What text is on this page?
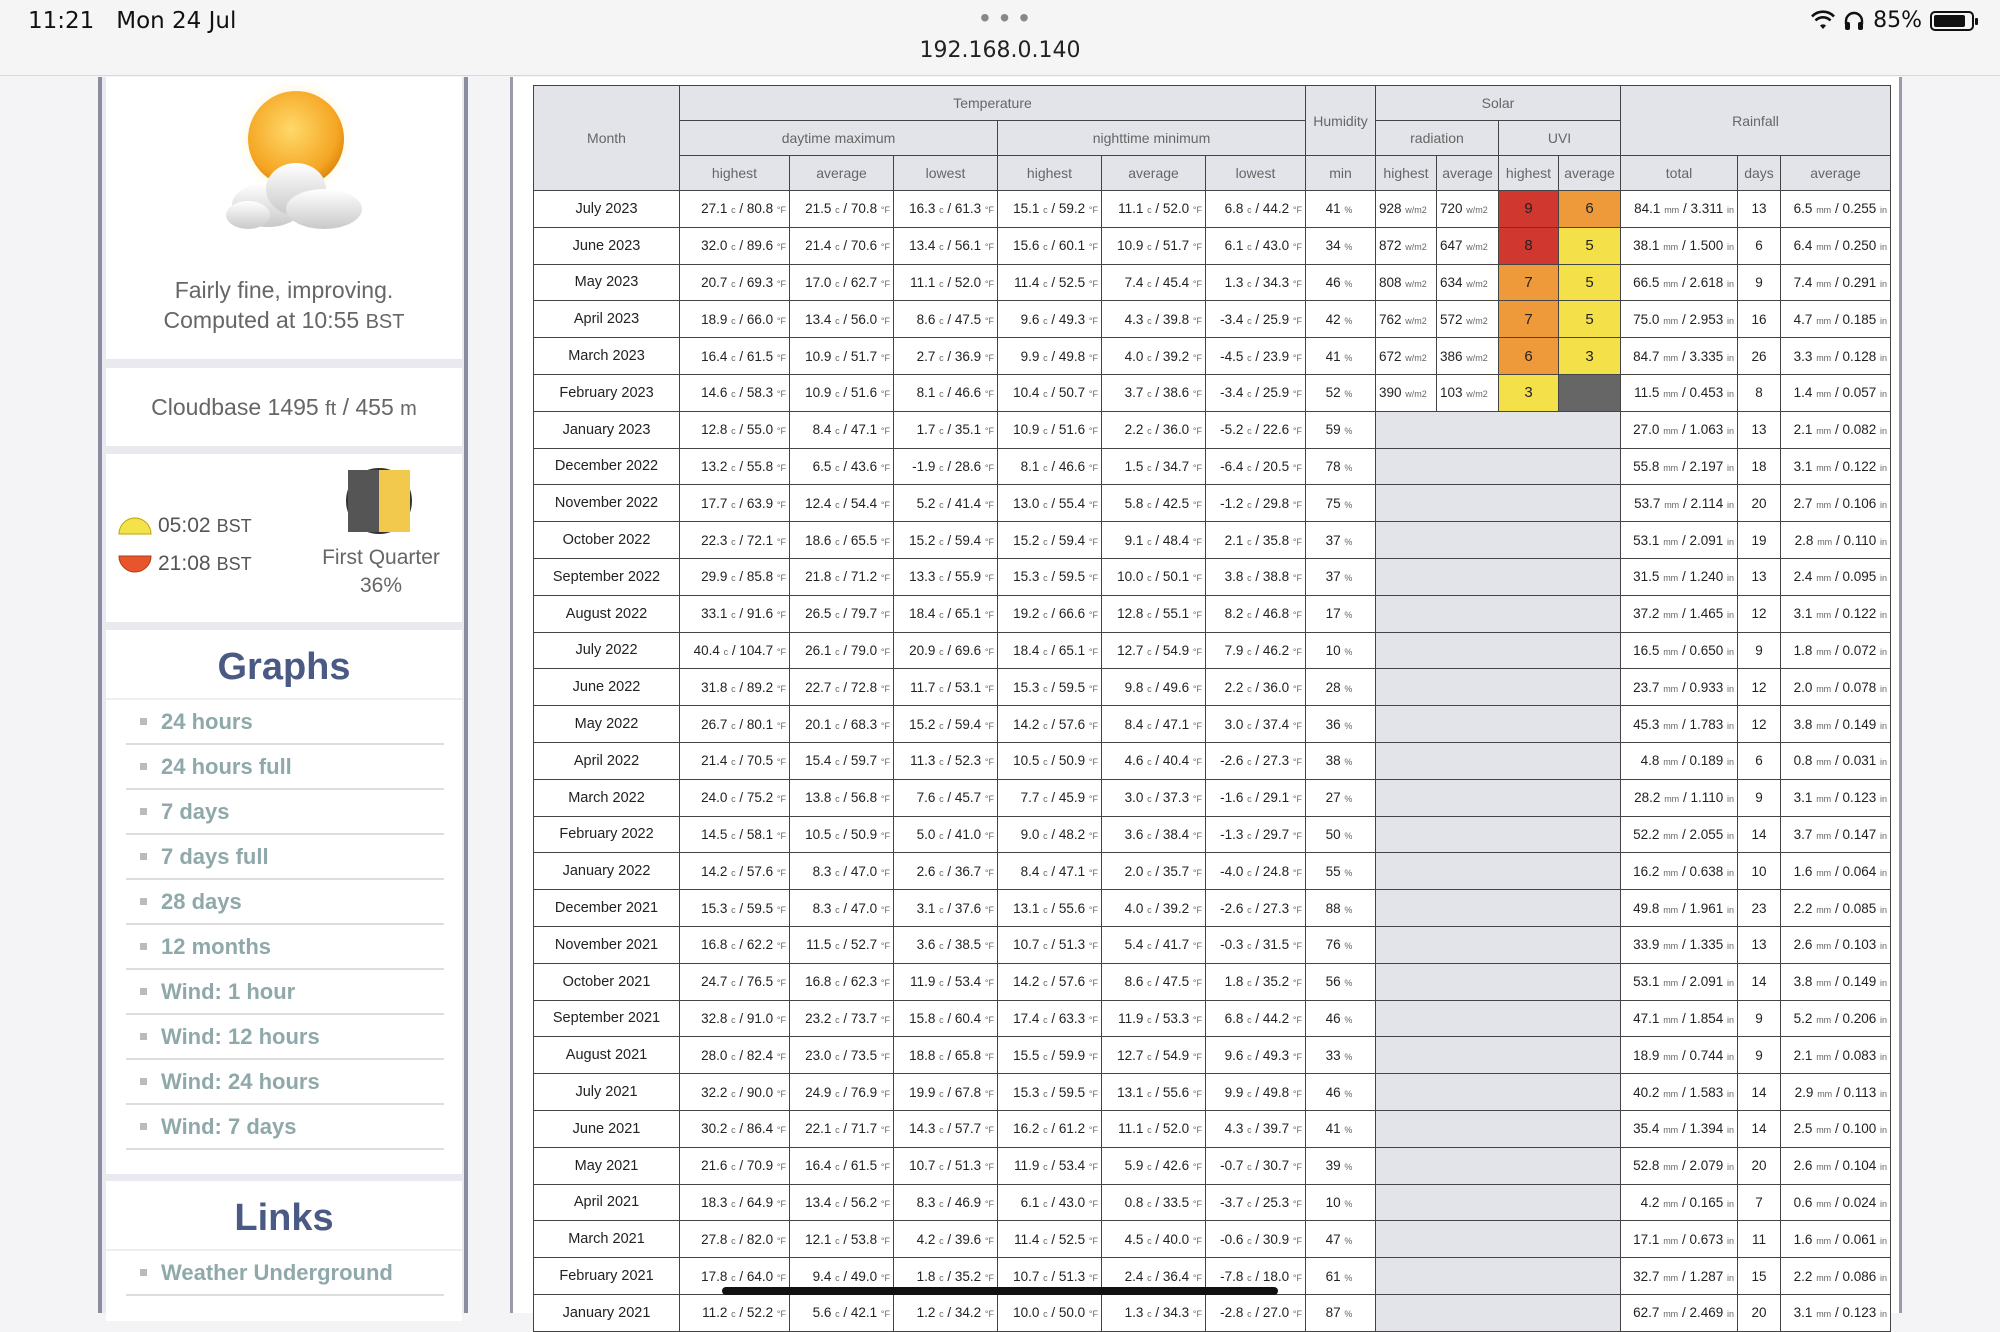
11:21 Mon 24 Jul	• • •
192.168.0.140
85%
Fairly fine, improving.
Computed at 10:55 BST
Cloudbase 1495 ft / 455 m
05:02 BST
21:08 BST	First Quarter
36%
Graphs
24 hours
24 hours full
7 days
7 days full
28 days
12 months
Wind: 1 hour
Wind: 12 hours
Wind: 24 hours
Wind: 7 days
Links
Weather Underground
Month	Temperature						Humidity	Solar				Rainfall		
	daytime maximum			nighttime minimum				radiation		UVI				
	highest	average	lowest	highest	average	lowest	min	highest	average	highest	average	total	days	average
July 2023	27.1 c / 80.8 °F	21.5 c / 70.8 °F	16.3 c / 61.3 °F	15.1 c / 59.2 °F	11.1 c / 52.0 °F	6.8 c / 44.2 °F	41 %	928 w/m2	720 w/m2	9	6	84.1 mm / 3.311 in	13	6.5 mm / 0.255 in
June 2023	32.0 c / 89.6 °F	21.4 c / 70.6 °F	13.4 c / 56.1 °F	15.6 c / 60.1 °F	10.9 c / 51.7 °F	6.1 c / 43.0 °F	34 %	872 w/m2	647 w/m2	8	5	38.1 mm / 1.500 in	6	6.4 mm / 0.250 in
May 2023	20.7 c / 69.3 °F	17.0 c / 62.7 °F	11.1 c / 52.0 °F	11.4 c / 52.5 °F	7.4 c / 45.4 °F	1.3 c / 34.3 °F	46 %	808 w/m2	634 w/m2	7	5	66.5 mm / 2.618 in	9	7.4 mm / 0.291 in
April 2023	18.9 c / 66.0 °F	13.4 c / 56.0 °F	8.6 c / 47.5 °F	9.6 c / 49.3 °F	4.3 c / 39.8 °F	-3.4 c / 25.9 °F	42 %	762 w/m2	572 w/m2	7	5	75.0 mm / 2.953 in	16	4.7 mm / 0.185 in
March 2023	16.4 c / 61.5 °F	10.9 c / 51.7 °F	2.7 c / 36.9 °F	9.9 c / 49.8 °F	4.0 c / 39.2 °F	-4.5 c / 23.9 °F	41 %	672 w/m2	386 w/m2	6	3	84.7 mm / 3.335 in	26	3.3 mm / 0.128 in
February 2023	14.6 c / 58.3 °F	10.9 c / 51.6 °F	8.1 c / 46.6 °F	10.4 c / 50.7 °F	3.7 c / 38.6 °F	-3.4 c / 25.9 °F	52 %	390 w/m2	103 w/m2	3		11.5 mm / 0.453 in	8	1.4 mm / 0.057 in
January 2023	12.8 c / 55.0 °F	8.4 c / 47.1 °F	1.7 c / 35.1 °F	10.9 c / 51.6 °F	2.2 c / 36.0 °F	-5.2 c / 22.6 °F	59 %					27.0 mm / 1.063 in	13	2.1 mm / 0.082 in
December 2022	13.2 c / 55.8 °F	6.5 c / 43.6 °F	-1.9 c / 28.6 °F	8.1 c / 46.6 °F	1.5 c / 34.7 °F	-6.4 c / 20.5 °F	78 %					55.8 mm / 2.197 in	18	3.1 mm / 0.122 in
November 2022	17.7 c / 63.9 °F	12.4 c / 54.4 °F	5.2 c / 41.4 °F	13.0 c / 55.4 °F	5.8 c / 42.5 °F	-1.2 c / 29.8 °F	75 %					53.7 mm / 2.114 in	20	2.7 mm / 0.106 in
October 2022	22.3 c / 72.1 °F	18.6 c / 65.5 °F	15.2 c / 59.4 °F	15.2 c / 59.4 °F	9.1 c / 48.4 °F	2.1 c / 35.8 °F	37 %					53.1 mm / 2.091 in	19	2.8 mm / 0.110 in
September 2022	29.9 c / 85.8 °F	21.8 c / 71.2 °F	13.3 c / 55.9 °F	15.3 c / 59.5 °F	10.0 c / 50.1 °F	3.8 c / 38.8 °F	37 %					31.5 mm / 1.240 in	13	2.4 mm / 0.095 in
August 2022	33.1 c / 91.6 °F	26.5 c / 79.7 °F	18.4 c / 65.1 °F	19.2 c / 66.6 °F	12.8 c / 55.1 °F	8.2 c / 46.8 °F	17 %					37.2 mm / 1.465 in	12	3.1 mm / 0.122 in
July 2022	40.4 c / 104.7 °F	26.1 c / 79.0 °F	20.9 c / 69.6 °F	18.4 c / 65.1 °F	12.7 c / 54.9 °F	7.9 c / 46.2 °F	10 %					16.5 mm / 0.650 in	9	1.8 mm / 0.072 in
June 2022	31.8 c / 89.2 °F	22.7 c / 72.8 °F	11.7 c / 53.1 °F	15.3 c / 59.5 °F	9.8 c / 49.6 °F	2.2 c / 36.0 °F	28 %					23.7 mm / 0.933 in	12	2.0 mm / 0.078 in
May 2022	26.7 c / 80.1 °F	20.1 c / 68.3 °F	15.2 c / 59.4 °F	14.2 c / 57.6 °F	8.4 c / 47.1 °F	3.0 c / 37.4 °F	36 %					45.3 mm / 1.783 in	12	3.8 mm / 0.149 in
April 2022	21.4 c / 70.5 °F	15.4 c / 59.7 °F	11.3 c / 52.3 °F	10.5 c / 50.9 °F	4.6 c / 40.4 °F	-2.6 c / 27.3 °F	38 %					4.8 mm / 0.189 in	6	0.8 mm / 0.031 in
March 2022	24.0 c / 75.2 °F	13.8 c / 56.8 °F	7.6 c / 45.7 °F	7.7 c / 45.9 °F	3.0 c / 37.3 °F	-1.6 c / 29.1 °F	27 %					28.2 mm / 1.110 in	9	3.1 mm / 0.123 in
February 2022	14.5 c / 58.1 °F	10.5 c / 50.9 °F	5.0 c / 41.0 °F	9.0 c / 48.2 °F	3.6 c / 38.4 °F	-1.3 c / 29.7 °F	50 %					52.2 mm / 2.055 in	14	3.7 mm / 0.147 in
January 2022	14.2 c / 57.6 °F	8.3 c / 47.0 °F	2.6 c / 36.7 °F	8.4 c / 47.1 °F	2.0 c / 35.7 °F	-4.0 c / 24.8 °F	55 %					16.2 mm / 0.638 in	10	1.6 mm / 0.064 in
December 2021	15.3 c / 59.5 °F	8.3 c / 47.0 °F	3.1 c / 37.6 °F	13.1 c / 55.6 °F	4.0 c / 39.2 °F	-2.6 c / 27.3 °F	88 %					49.8 mm / 1.961 in	23	2.2 mm / 0.085 in
November 2021	16.8 c / 62.2 °F	11.5 c / 52.7 °F	3.6 c / 38.5 °F	10.7 c / 51.3 °F	5.4 c / 41.7 °F	-0.3 c / 31.5 °F	76 %					33.9 mm / 1.335 in	13	2.6 mm / 0.103 in
October 2021	24.7 c / 76.5 °F	16.8 c / 62.3 °F	11.9 c / 53.4 °F	14.2 c / 57.6 °F	8.6 c / 47.5 °F	1.8 c / 35.2 °F	56 %					53.1 mm / 2.091 in	14	3.8 mm / 0.149 in
September 2021	32.8 c / 91.0 °F	23.2 c / 73.7 °F	15.8 c / 60.4 °F	17.4 c / 63.3 °F	11.9 c / 53.3 °F	6.8 c / 44.2 °F	46 %					47.1 mm / 1.854 in	9	5.2 mm / 0.206 in
August 2021	28.0 c / 82.4 °F	23.0 c / 73.5 °F	18.8 c / 65.8 °F	15.5 c / 59.9 °F	12.7 c / 54.9 °F	9.6 c / 49.3 °F	33 %					18.9 mm / 0.744 in	9	2.1 mm / 0.083 in
July 2021	32.2 c / 90.0 °F	24.9 c / 76.9 °F	19.9 c / 67.8 °F	15.3 c / 59.5 °F	13.1 c / 55.6 °F	9.9 c / 49.8 °F	46 %					40.2 mm / 1.583 in	14	2.9 mm / 0.113 in
June 2021	30.2 c / 86.4 °F	22.1 c / 71.7 °F	14.3 c / 57.7 °F	16.2 c / 61.2 °F	11.1 c / 52.0 °F	4.3 c / 39.7 °F	41 %					35.4 mm / 1.394 in	14	2.5 mm / 0.100 in
May 2021	21.6 c / 70.9 °F	16.4 c / 61.5 °F	10.7 c / 51.3 °F	11.9 c / 53.4 °F	5.9 c / 42.6 °F	-0.7 c / 30.7 °F	39 %					52.8 mm / 2.079 in	20	2.6 mm / 0.104 in
April 2021	18.3 c / 64.9 °F	13.4 c / 56.2 °F	8.3 c / 46.9 °F	6.1 c / 43.0 °F	0.8 c / 33.5 °F	-3.7 c / 25.3 °F	10 %					4.2 mm / 0.165 in	7	0.6 mm / 0.024 in
March 2021	27.8 c / 82.0 °F	12.1 c / 53.8 °F	4.2 c / 39.6 °F	11.4 c / 52.5 °F	4.5 c / 40.0 °F	-0.6 c / 30.9 °F	47 %					17.1 mm / 0.673 in	11	1.6 mm / 0.061 in
February 2021	17.8 c / 64.0 °F	9.4 c / 49.0 °F	1.8 c / 35.2 °F	10.7 c / 51.3 °F	2.4 c / 36.4 °F	-7.8 c / 18.0 °F	61 %					32.7 mm / 1.287 in	15	2.2 mm / 0.086 in
January 2021	11.2 c / 52.2 °F	5.6 c / 42.1 °F	1.2 c / 34.2 °F	10.0 c / 50.0 °F	1.3 c / 34.3 °F	-2.8 c / 27.0 °F	87 %					62.7 mm / 2.469 in	20	3.1 mm / 0.123 in
